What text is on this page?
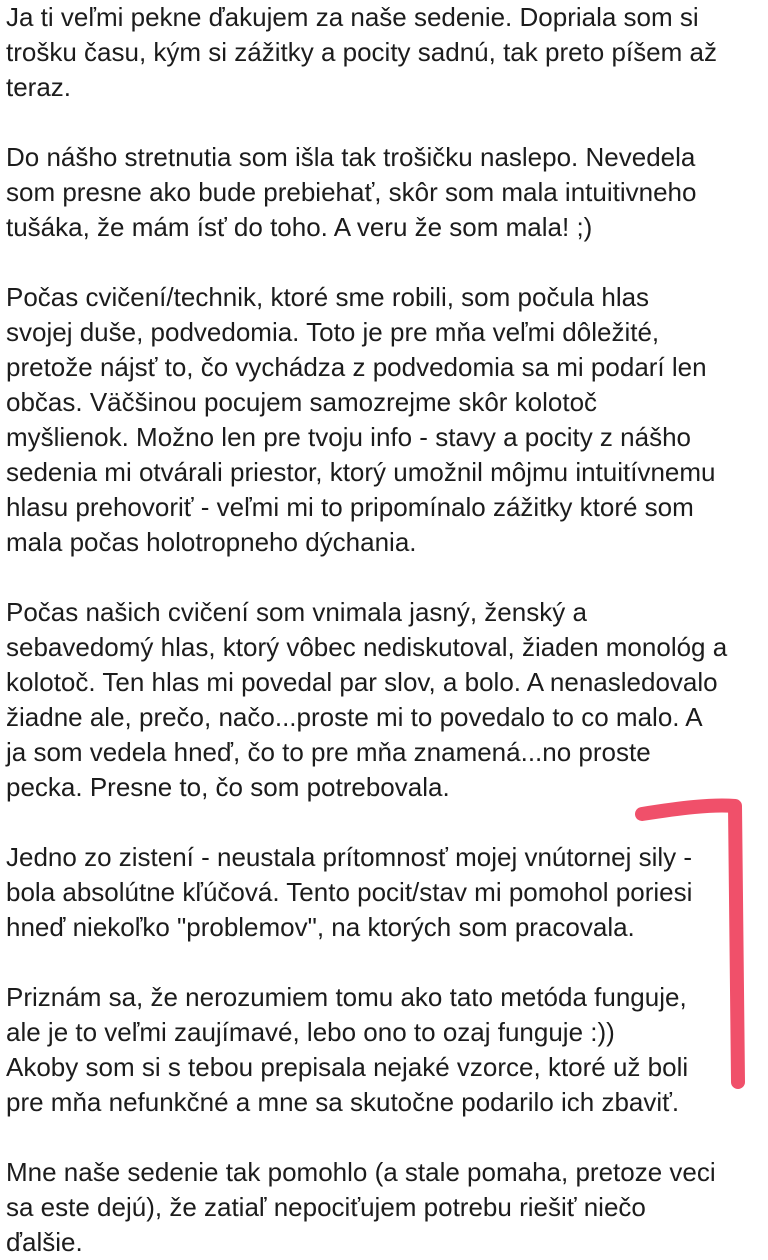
Ja ti veľmi pekne ďakujem za naše sedenie. Dopriala som si
trošku času, kým si zážitky a pocity sadnú, tak preto píšem až
teraz.
Do nášho stretnutia som išla tak trošičku naslepo. Nevedela
som presne ako bude prebiehať, skôr som mala intuitivneho
tušáka, že mám ísť do toho. A veru že som mala! ;)
Počas cvičení/technik, ktoré sme robili, som počula hlas
svojej duše, podvedomia. Toto je pre mňa veľmi dôležité,
pretože nájsť to, čo vychádza z podvedomia sa mi podarí len
občas. Väčšinou pocujem samozrejme skôr kolotoč
myšlienok. Možno len pre tvoju info - stavy a pocity z nášho
sedenia mi otvárali priestor, ktorý umožnil môjmu intuitívnemu
hlasu prehovoriť - veľmi mi to pripomínalo zážitky ktoré som
mala počas holotropneho dýchania.
Počas našich cvičení som vnimala jasný, ženský a
sebavedomý hlas, ktorý vôbec nediskutoval, žiaden monológ a
kolotoč. Ten hlas mi povedal par slov, a bolo. A nenasledovalo
žiadne ale, prečo, načo...proste mi to povedalo to co malo. A
ja som vedela hneď, čo to pre mňa znamená...no proste
pecka. Presne to, čo som potrebovala.
Jedno zo zistení - neustala prítomnosť mojej vnútornej sily -
bola absolútne kľúčová. Tento pocit/stav mi pomohol poriesi
hneď niekoľko "problemov", na ktorých som pracovala.
Priznám sa, že nerozumiem tomu ako tato metóda funguje,
ale je to veľmi zaujímavé, lebo ono to ozaj funguje :))
Akoby som si s tebou prepisala nejaké vzorce, ktoré už boli
pre mňa nefunkčné a mne sa skutočne podarilo ich zbaviť.
Mne naše sedenie tak pomohlo (a stale pomaha, pretoze veci
sa este dejú), že zatiaľ nepociťujem potrebu riešiť niečo
ďalšie.
